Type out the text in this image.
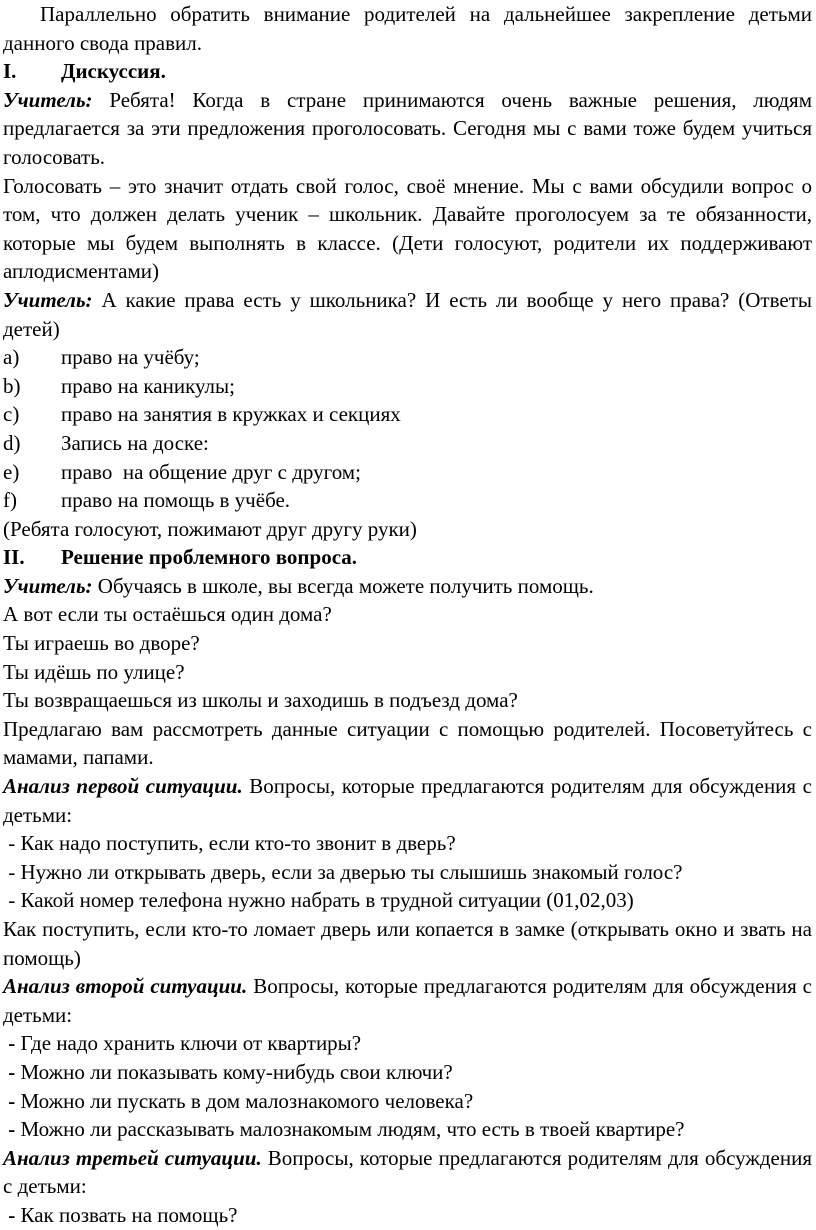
Параллельно обратить внимание родителей на дальнейшее закрепление детьми данного свода правил.

I.	Дискуссия.

Учитель: Ребята! Когда в стране принимаются очень важные решения, людям предлагается за эти предложения проголосовать. Сегодня мы с вами тоже будем учиться голосовать.

Голосовать – это значит отдать свой голос, своё мнение. Мы с вами обсудили вопрос о том, что должен делать ученик – школьник. Давайте проголосуем за те обязанности, которые мы будем выполнять в классе. (Дети голосуют, родители их поддерживают аплодисментами)

Учитель: А какие права есть у школьника? И есть ли вообще у него права? (Ответы детей)

a)	право на учёбу;
b)	право на каникулы;
c)	право на занятия в кружках и секциях
d)	Запись на доске:
e)	право  на общение друг с другом;
f)	право на помощь в учёбе.

(Ребята голосуют, пожимают друг другу руки)

II.	Решение проблемного вопроса.

Учитель: Обучаясь в школе, вы всегда можете получить помощь.

А вот если ты остаёшься один дома?

Ты играешь во дворе?

Ты идёшь по улице?

Ты возвращаешься из школы и заходишь в подъезд дома?

Предлагаю вам рассмотреть данные ситуации с помощью родителей. Посоветуйтесь с мамами, папами.

Анализ первой ситуации. Вопросы, которые предлагаются родителям для обсуждения с детьми:

- Как надо поступить, если кто-то звонит в дверь?

- Нужно ли открывать дверь, если за дверью ты слышишь знакомый голос?

- Какой номер телефона нужно набрать в трудной ситуации (01,02,03)

Как поступить, если кто-то ломает дверь или копается в замке (открывать окно и звать на помощь)

Анализ второй ситуации. Вопросы, которые предлагаются родителям для обсуждения с детьми:

- Где надо хранить ключи от квартиры?

- Можно ли показывать кому-нибудь свои ключи?

- Можно ли пускать в дом малознакомого человека?

- Можно ли рассказывать малознакомым людям, что есть в твоей квартире?

Анализ третьей ситуации. Вопросы, которые предлагаются родителям для обсуждения с детьми:

- Как позвать на помощь?
